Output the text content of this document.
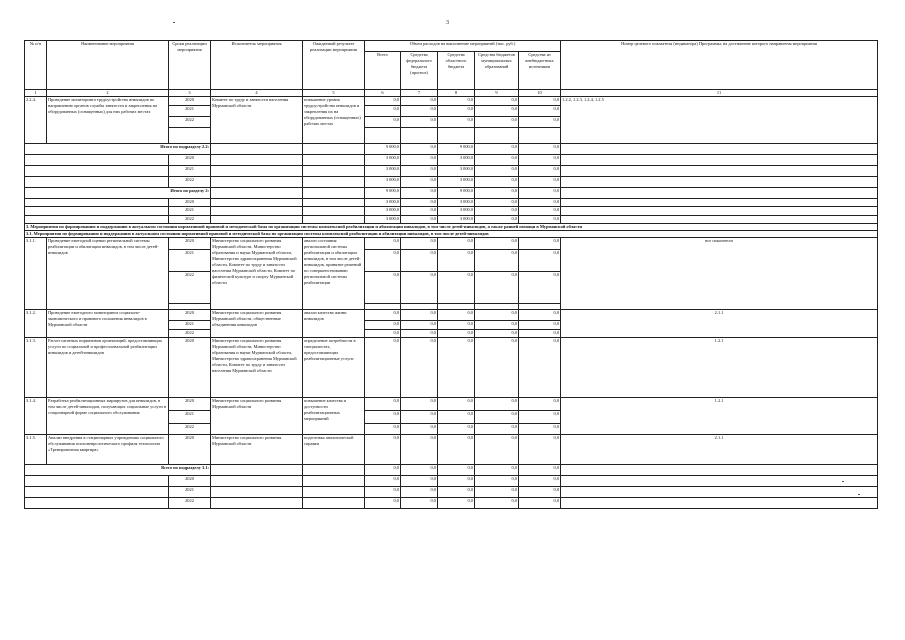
3
№ п/п	Наименование мероприятия	Сроки реализации мероприятия	Исполнитель мероприятия	Ожидаемый результат реализации мероприятия	Объем расходов на выполнение мероприятий (тыс. руб.)					Номер целевого показателя (индикатора) Программы, на достижение которого направлены мероприятия
					Всего	Средства федерального бюджета (прогноз)	Средства областного бюджета	Средства бюджетов муниципальных образований	Средства из внебюджетных источников	
1	2	3	4	5	6	7	8	9	10	11
2.2.4.	Проведение мониторинга трудоустройства инвалидов по направлению органов службы занятости и закрепления на оборудованных (оснащенных) для них рабочих местах	2020	Комитет по труду и занятости населения Мурманской области	повышение уровня трудоустройства инвалидов и закрепления их на оборудованных (оснащенных) рабочих местах	0,0	0,0	0,0	0,0	0,0	1.2.2, 1.2.3, 1.2.4, 1.2.5
		2021			0,0	0,0	0,0	0,0	0,0	
		2022			0,0	0,0	0,0	0,0	0,0	

Итого по подразделу 2.2:					9 000,0	0,0	9 000,0	0,0	0,0	
		2020			3 000,0	0,0	3 000,0	0,0	0,0	
		2021			3 000,0	0,0	3 000,0	0,0	0,0	
		2022			3 000,0	0,0	3 000,0	0,0	0,0	
Итого по разделу 2:					9 000,0	0,0	9 000,0	0,0	0,0	
		2020			3 000,0	0,0	3 000,0	0,0	0,0	
		2021			3 000,0	0,0	3 000,0	0,0	0,0	
		2022			3 000,0	0,0	3 000,0	0,0	0,0	
3. Мероприятия по формированию и поддержанию в актуальном состоянии нормативной правовой и методической базы по организации системы комплексной реабилитации и абилитации инвалидов, в том числе детей-инвалидов, а также ранней помощи в Мурманской области										
3.1. Мероприятия по формированию и поддержанию в актуальном состоянии нормативной правовой и методической базы по организации системы комплексной реабилитации и абилитации инвалидов, в том числе детей-инвалидов										
3.1.1.	Проведение ежегодной оценки региональной системы реабилитации и абилитации инвалидов, в том числе детей-инвалидов	2020	Министерство социального развития Мурманской области, Министерство образования и науки Мурманской области, Министерство здравоохранения Мурманской области, Комитет по труду и занятости населения Мурманской области, Комитет по физической культуре и спорту Мурманской области	анализ состояния региональной системы реабилитации и абилитации инвалидов, в том числе детей-инвалидов, принятие решений по совершенствованию региональной системы реабилитации	0,0	0,0	0,0	0,0	0,0	все показатели
		2021			0,0	0,0	0,0	0,0	0,0	
		2022			0,0	0,0	0,0	0,0	0,0	

3.1.2.	Проведение ежегодного мониторинга социально-экономического и правового положения инвалидов в Мурманской области	2020	Министерство социального развития Мурманской области, общественные объединения инвалидов	анализ качества жизни инвалидов	0,0	0,0	0,0	0,0	0,0	2.1.1
		2021			0,0	0,0	0,0	0,0	0,0	
		2022			0,0	0,0	0,0	0,0	0,0	
3.1.3.	Расчет штатных нормативов организаций, предоставляющих услуги по социальной и профессиональной реабилитации инвалидов и детей-инвалидов	2020	Министерство социального развития Мурманской области, Министерство образования и науки Мурманской области, Министерство здравоохранения Мурманской области, Комитет по труду и занятости населения Мурманской области	определение потребности в специалистах, предоставляющих реабилитационные услуги	0,0	0,0	0,0	0,0	0,0	1.2.1
3.1.4.	Разработка реабилитационных маршрутов для инвалидов, в том числе детей-инвалидов, получающих социальные услуги в стационарной форме социального обслуживания	2020	Министерство социального развития Мурманской области	повышение качества и доступности реабилитационных мероприятий	0,0	0,0	0,0	0,0	0,0	1.2.1
		2021			0,0	0,0	0,0	0,0	0,0	
		2022			0,0	0,0	0,0	0,0	0,0	
3.1.5.	Анализ внедрения в стационарных учреждениях социального обслуживания психоневрологического профиля технологии «Тренировочная квартира»	2020	Министерство социального развития Мурманской области	подготовка аналитической справки	0,0	0,0	0,0	0,0	0,0	2.1.1
Всего по подразделу 3.1:					0,0	0,0	0,0	0,0	0,0	
		2020			0,0	0,0	0,0	0,0	0,0	
		2021			0,0	0,0	0,0	0,0	0,0	
		2022			0,0	0,0	0,0	0,0	0,0	
